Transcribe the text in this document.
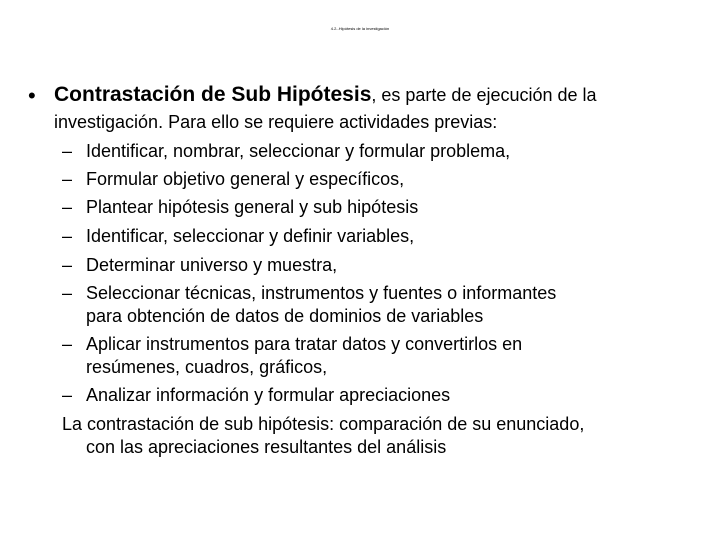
4.2.-Hipótesis de la investigación
• Contrastación de Sub Hipótesis, es parte de ejecución de la
investigación. Para ello se requiere actividades previas:
– Identificar, nombrar, seleccionar y formular problema,
– Formular objetivo general y específicos,
– Plantear hipótesis general y sub hipótesis
– Identificar, seleccionar y definir variables,
– Determinar universo y muestra,
– Seleccionar técnicas, instrumentos y fuentes o informantes
para obtención de datos de dominios de variables
– Aplicar instrumentos para tratar datos y convertirlos en
resúmenes, cuadros, gráficos,
– Analizar información y formular apreciaciones
La contrastación de sub hipótesis: comparación de su enunciado,
con las apreciaciones resultantes del análisis
